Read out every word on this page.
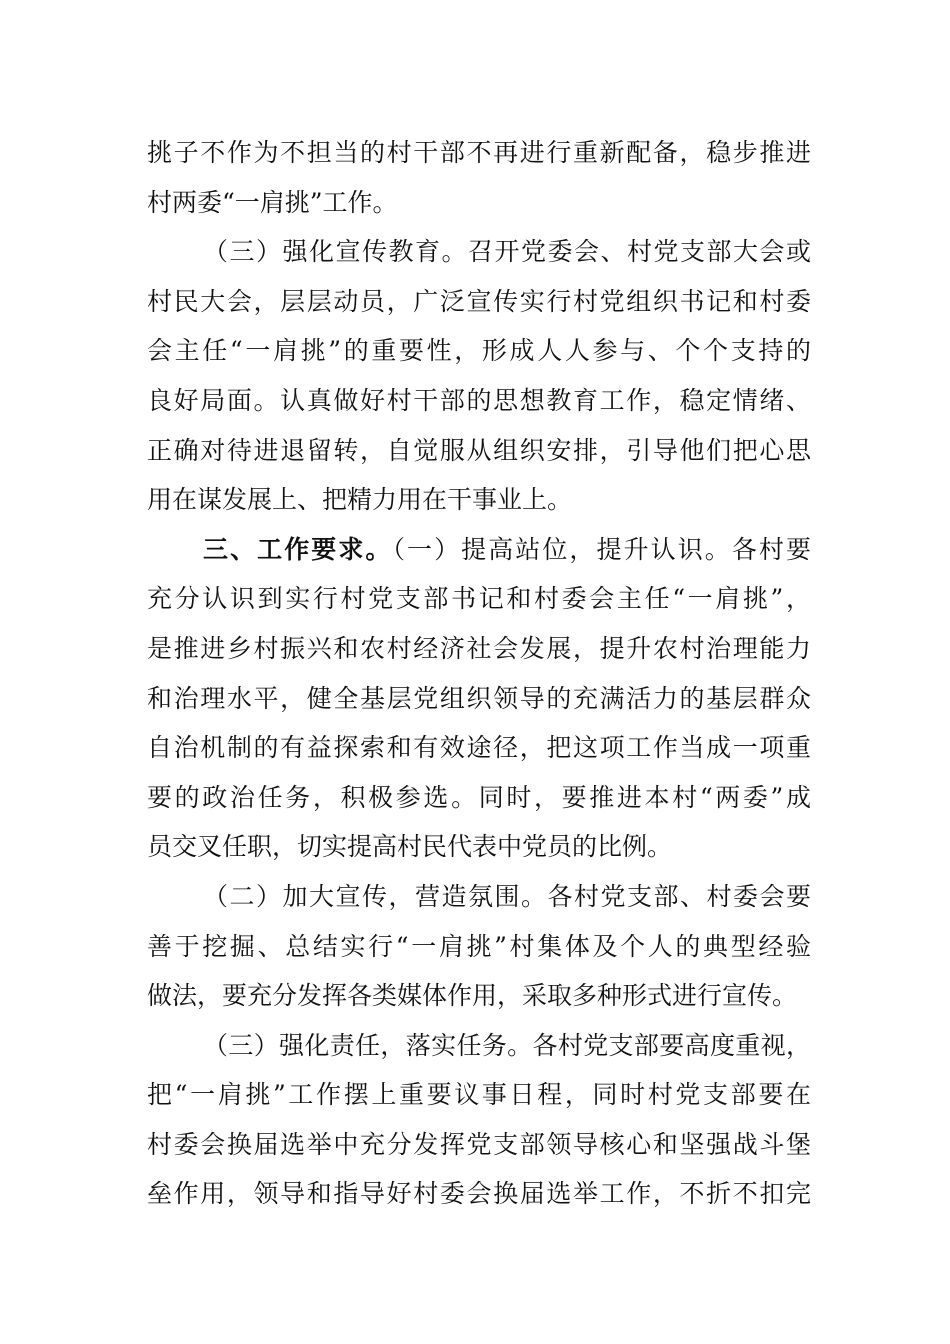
挑子不作为不担当的村干部不再进行重新配备，稳步推进
村两委“一肩挑”工作。
（三）强化宣传教育。召开党委会、村党支部大会或
村民大会，层层动员，广泛宣传实行村党组织书记和村委
会主任“一肩挑”的重要性，形成人人参与、个个支持的
良好局面。认真做好村干部的思想教育工作，稳定情绪、
正确对待进退留转，自觉服从组织安排，引导他们把心思
用在谋发展上、把精力用在干事业上。
三、工作要求。（一）提高站位，提升认识。各村要
充分认识到实行村党支部书记和村委会主任“一肩挑”，
是推进乡村振兴和农村经济社会发展，提升农村治理能力
和治理水平，健全基层党组织领导的充满活力的基层群众
自治机制的有益探索和有效途径，把这项工作当成一项重
要的政治任务，积极参选。同时，要推进本村“两委”成
员交叉任职，切实提高村民代表中党员的比例。
（二）加大宣传，营造氛围。各村党支部、村委会要
善于挖掘、总结实行“一肩挑”村集体及个人的典型经验
做法，要充分发挥各类媒体作用，采取多种形式进行宣传。
（三）强化责任，落实任务。各村党支部要高度重视，
把“一肩挑”工作摆上重要议事日程，同时村党支部要在
村委会换届选举中充分发挥党支部领导核心和坚强战斗堡
垒作用，领导和指导好村委会换届选举工作，不折不扣完
